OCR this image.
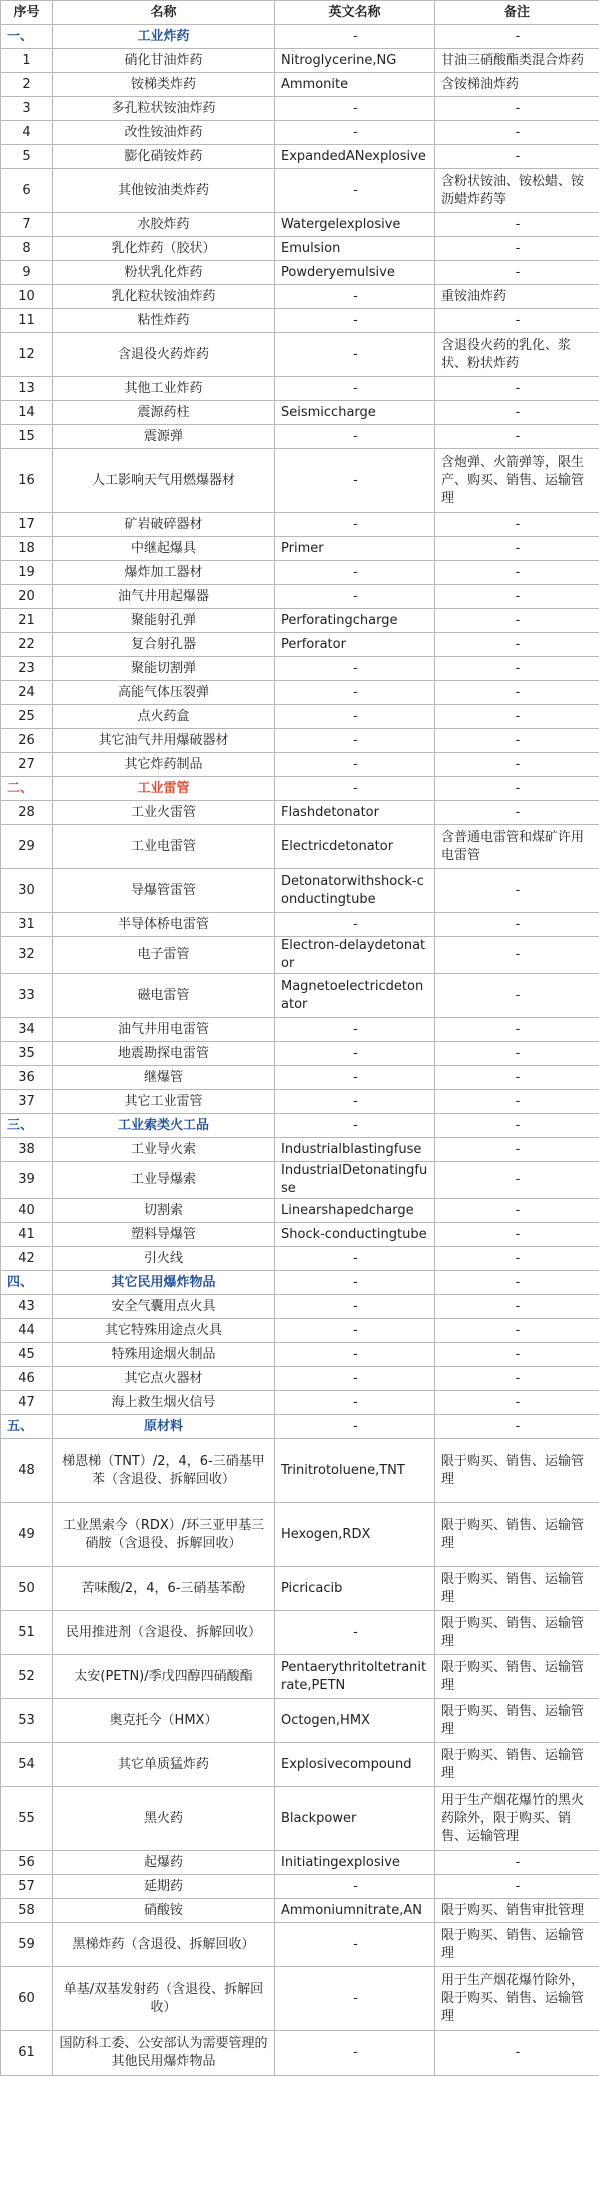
序号	名称	英文名称	备注
一、	工业炸药	-	-
1	硝化甘油炸药	Nitroglycerine,NG	甘油三硝酸酯类混合炸药
2	铵梯类炸药	Ammonite	含铵梯油炸药
3	多孔粒状铵油炸药	-	-
4	改性铵油炸药	-	-
5	膨化硝铵炸药	ExpandedANexplosive	-
6	其他铵油类炸药	-	含粉状铵油、铵松蜡、铵沥蜡炸药等
7	水胶炸药	Watergelexplosive	-
8	乳化炸药（胶状）	Emulsion	-
9	粉状乳化炸药	Powderyemulsive	-
10	乳化粒状铵油炸药	-	重铵油炸药
11	粘性炸药	-	-
12	含退役火药炸药	-	含退役火药的乳化、浆状、粉状炸药
13	其他工业炸药	-	-
14	震源药柱	Seismiccharge	-
15	震源弹	-	-
16	人工影响天气用燃爆器材	-	含炮弹、火箭弹等，限生产、购买、销售、运输管理
17	矿岩破碎器材	-	-
18	中继起爆具	Primer	-
19	爆炸加工器材	-	-
20	油气井用起爆器	-	-
21	聚能射孔弹	Perforatingcharge	-
22	复合射孔器	Perforator	-
23	聚能切割弹	-	-
24	高能气体压裂弹	-	-
25	点火药盒	-	-
26	其它油气井用爆破器材	-	-
27	其它炸药制品	-	-
二、	工业雷管	-	-
28	工业火雷管	Flashdetonator	-
29	工业电雷管	Electricdetonator	含普通电雷管和煤矿许用电雷管
30	导爆管雷管	Detonatorwithshock-conductingtube	-
31	半导体桥电雷管	-	-
32	电子雷管	Electron-delaydetonator	-
33	磁电雷管	Magnetoelectricdetonator	-
34	油气井用电雷管	-	-
35	地震勘探电雷管	-	-
36	继爆管	-	-
37	其它工业雷管	-	-
三、	工业索类火工品	-	-
38	工业导火索	Industrialblastingfuse	-
39	工业导爆索	IndustrialDetonatingfuse	-
40	切割索	Linearshapedcharge	-
41	塑料导爆管	Shock-conductingtube	-
42	引火线	-	-
四、	其它民用爆炸物品	-	-
43	安全气囊用点火具	-	-
44	其它特殊用途点火具	-	-
45	特殊用途烟火制品	-	-
46	其它点火器材	-	-
47	海上救生烟火信号	-	-
五、	原材料	-	-
48	梯恩梯（TNT）/2，4，6-三硝基甲苯（含退役、拆解回收）	Trinitrotoluene,TNT	限于购买、销售、运输管理
49	工业黑索今（RDX）/环三亚甲基三硝胺（含退役、拆解回收）	Hexogen,RDX	限于购买、销售、运输管理
50	苦味酸/2，4，6-三硝基苯酚	Picricacib	限于购买、销售、运输管理
51	民用推进剂（含退役、拆解回收）	-	限于购买、销售、运输管理
52	太安(PETN)/季戊四醇四硝酸酯	Pentaerythritoltetranitrate,PETN	限于购买、销售、运输管理
53	奥克托今（HMX）	Octogen,HMX	限于购买、销售、运输管理
54	其它单质猛炸药	Explosivecompound	限于购买、销售、运输管理
55	黑火药	Blackpower	用于生产烟花爆竹的黑火药除外，限于购买、销售、运输管理
56	起爆药	Initiatingexplosive	-
57	延期药	-	-
58	硝酸铵	Ammoniumnitrate,AN	限于购买、销售审批管理
59	黑梯炸药（含退役、拆解回收）	-	限于购买、销售、运输管理
60	单基/双基发射药（含退役、拆解回收）	-	用于生产烟花爆竹除外，限于购买、销售、运输管理
61	国防科工委、公安部认为需要管理的其他民用爆炸物品	-	-
